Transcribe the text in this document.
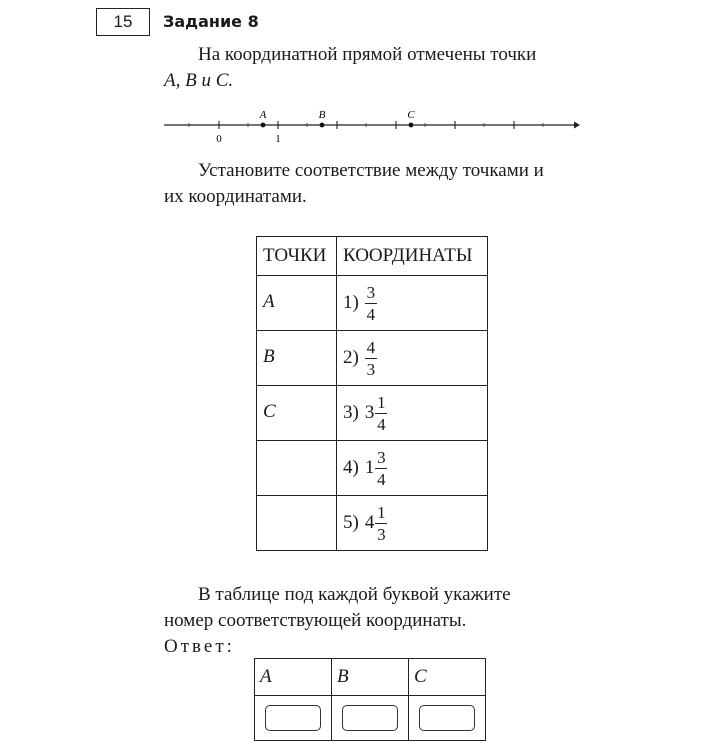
15	Задание 8
На координатной прямой отмечены точки
A, B и C.
A	B	C
0	1
Установите соответствие между точками и
их координатами.
ТОЧКИ	КООРДИНАТЫ
A	$1) \frac{3}{4}$

B	$2) \frac{4}{3}$

C	3) $3 \frac{1}{4}$

	4) $1 \frac{3}{4}$

	5) $4 \frac{1}{3}$
В таблице под каждой буквой укажите
номер соответствующей координаты.
Ответ:
A	B	C
